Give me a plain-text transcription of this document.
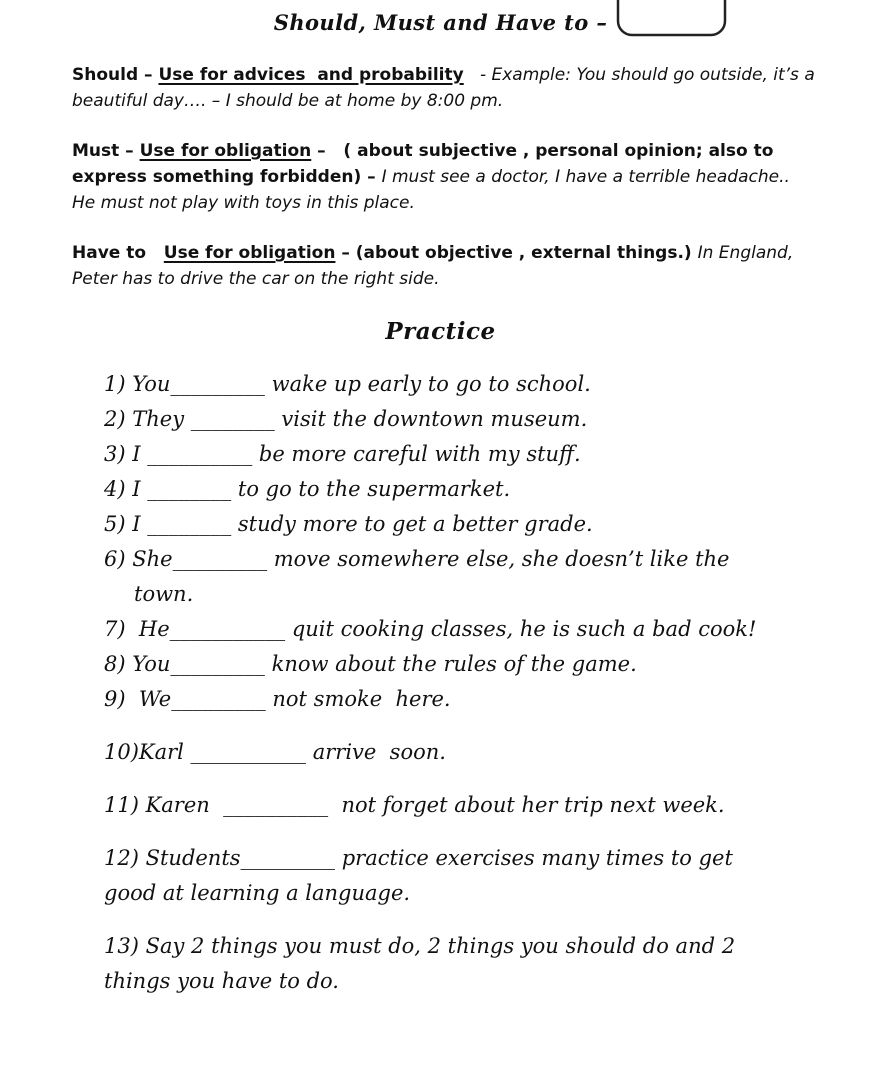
Should, Must and Have to –

Should – Use for advices  and probability   - Example: You should go outside, it’s a beautiful day…. – I should be at home by 8:00 pm.

Must – Use for obligation –   ( about subjective , personal opinion; also to express something forbidden) – I must see a doctor, I have a terrible headache..  He must not play with toys in this place.

Have to   Use for obligation – (about objective , external things.) In England, Peter has to drive the car on the right side.

Practice
1) You_________ wake up early to go to school.
2) They ________ visit the downtown museum.
3) I __________ be more careful with my stuff.
4) I ________ to go to the supermarket.
5) I ________ study more to get a better grade.
6) She_________ move somewhere else, she doesn’t like the
town.
7)  He___________ quit cooking classes, he is such a bad cook!
8) You_________ know about the rules of the game.
9)  We_________ not smoke  here.
10)Karl ___________ arrive  soon.
11) Karen  __________  not forget about her trip next week.
12) Students_________ practice exercises many times to get
good at learning a language.
13) Say 2 things you must do, 2 things you should do and 2
things you have to do.
